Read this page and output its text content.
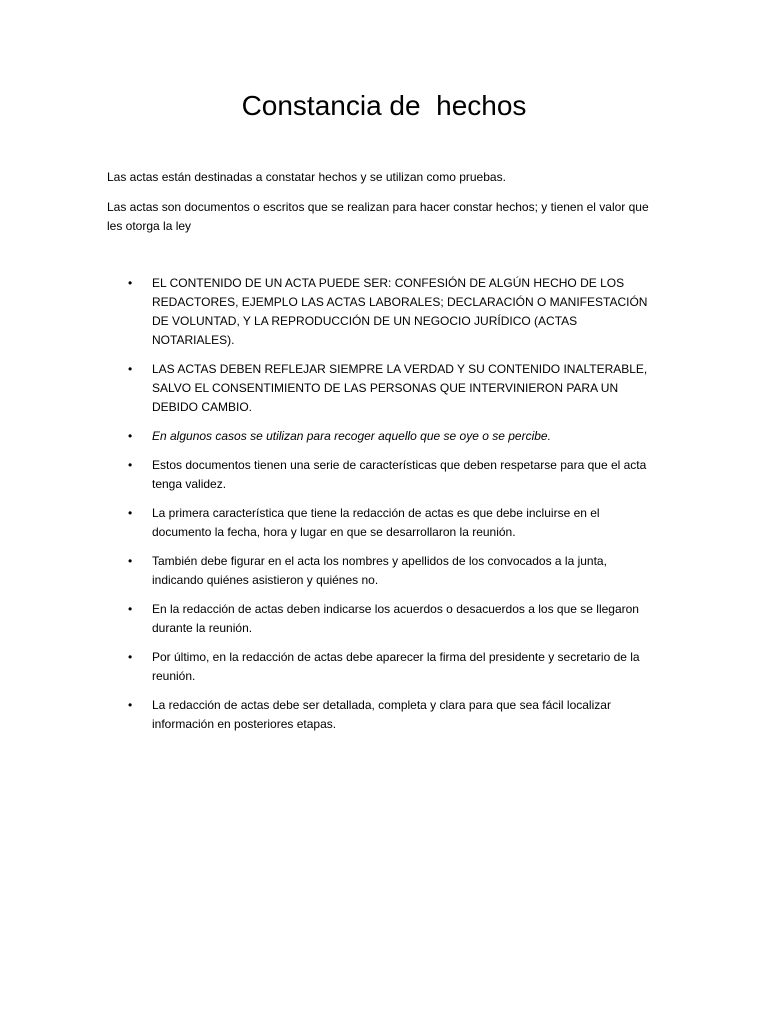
Constancia de  hechos

Las actas están destinadas a constatar hechos y se utilizan como pruebas.

Las actas son documentos o escritos que se realizan para hacer constar hechos; y tienen el valor que les otorga la ley

• EL CONTENIDO DE UN ACTA PUEDE SER: CONFESIÓN DE ALGÚN HECHO DE LOS REDACTORES, EJEMPLO LAS ACTAS LABORALES; DECLARACIÓN O MANIFESTACIÓN DE VOLUNTAD, Y LA REPRODUCCIÓN DE UN NEGOCIO JURÍDICO (ACTAS NOTARIALES).
• LAS ACTAS DEBEN REFLEJAR SIEMPRE LA VERDAD Y SU CONTENIDO INALTERABLE, SALVO EL CONSENTIMIENTO DE LAS PERSONAS QUE INTERVINIERON PARA UN DEBIDO CAMBIO.
• En algunos casos se utilizan para recoger aquello que se oye o se percibe.
• Estos documentos tienen una serie de características que deben respetarse para que el acta tenga validez.
• La primera característica que tiene la redacción de actas es que debe incluirse en el documento la fecha, hora y lugar en que se desarrollaron la reunión.
• También debe figurar en el acta los nombres y apellidos de los convocados a la junta, indicando quiénes asistieron y quiénes no.
• En la redacción de actas deben indicarse los acuerdos o desacuerdos a los que se llegaron durante la reunión.
• Por último, en la redacción de actas debe aparecer la firma del presidente y secretario de la reunión.
• La redacción de actas debe ser detallada, completa y clara para que sea fácil localizar información en posteriores etapas.
